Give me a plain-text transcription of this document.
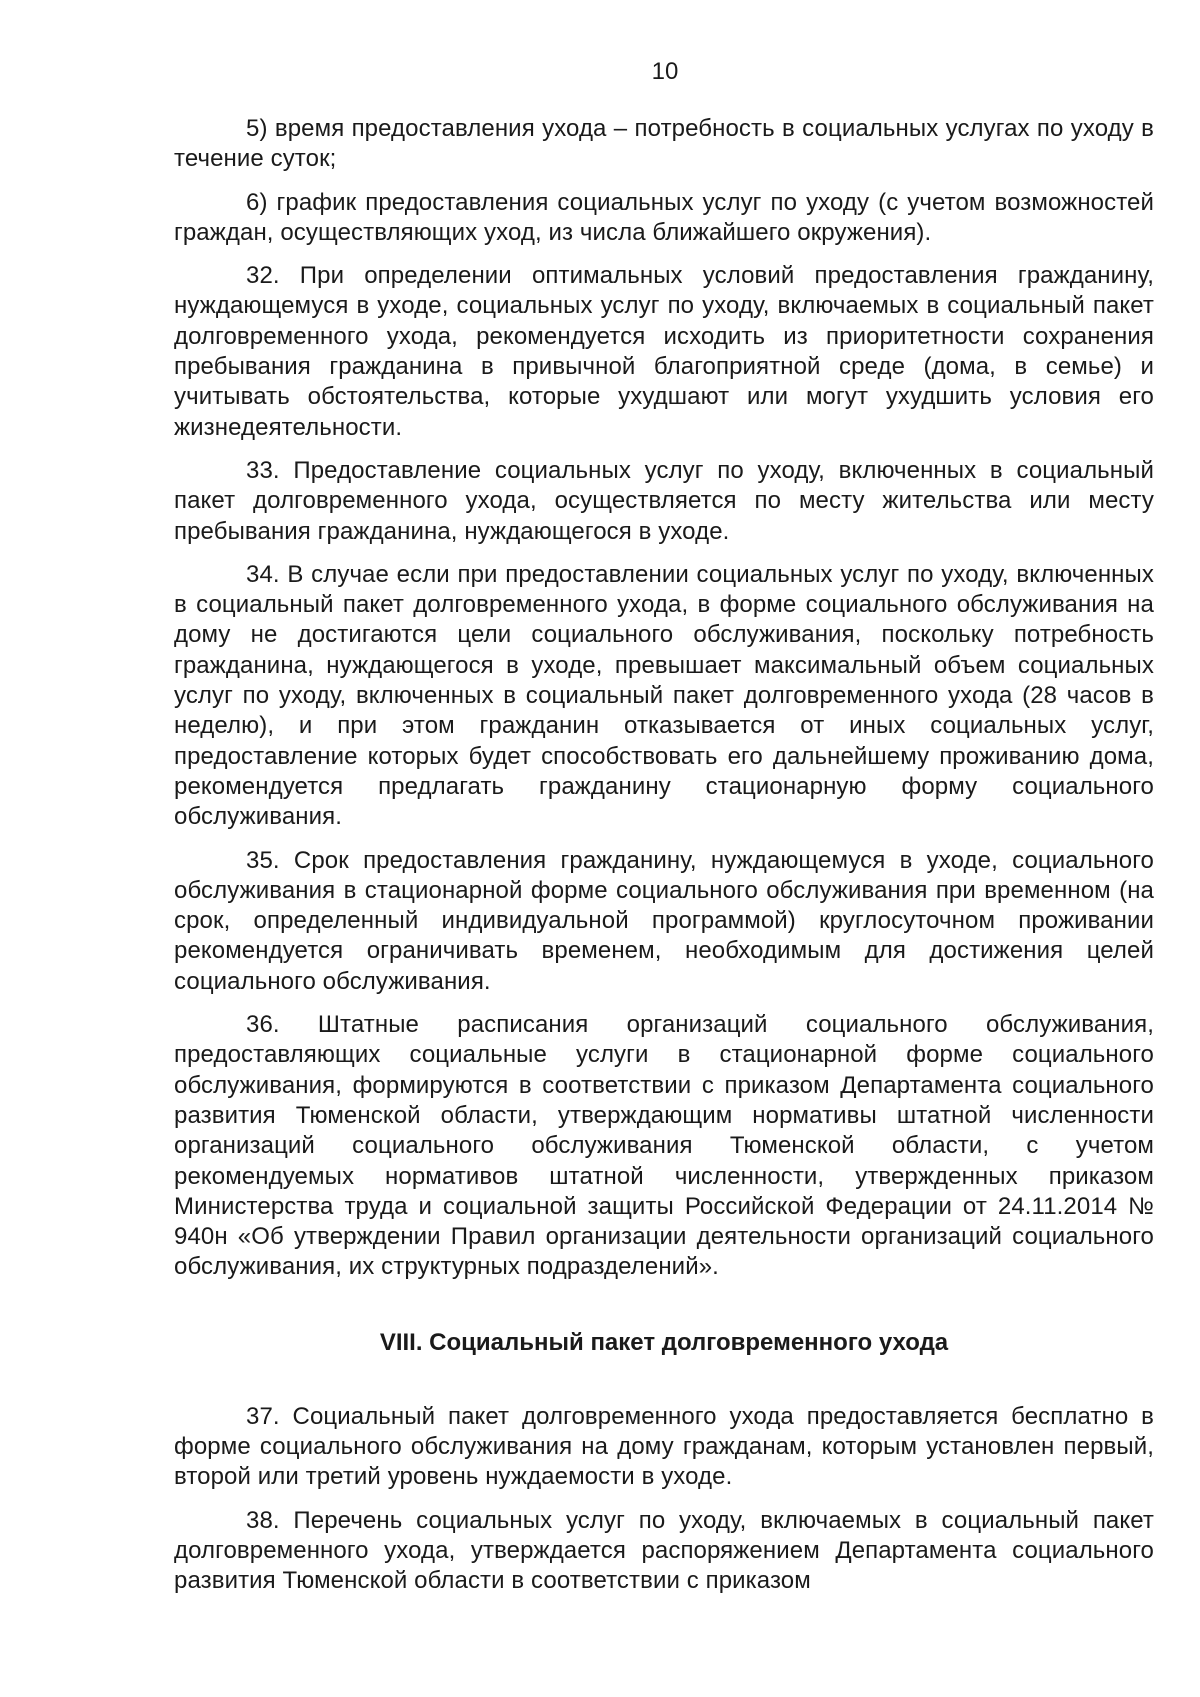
10

5) время предоставления ухода – потребность в социальных услугах по уходу в течение суток;

6) график предоставления социальных услуг по уходу (с учетом возможностей граждан, осуществляющих уход, из числа ближайшего окружения).

32. При определении оптимальных условий предоставления гражданину, нуждающемуся в уходе, социальных услуг по уходу, включаемых в социальный пакет долговременного ухода, рекомендуется исходить из приоритетности сохранения пребывания гражданина в привычной благоприятной среде (дома, в семье) и учитывать обстоятельства, которые ухудшают или могут ухудшить условия его жизнедеятельности.

33. Предоставление социальных услуг по уходу, включенных в социальный пакет долговременного ухода, осуществляется по месту жительства или месту пребывания гражданина, нуждающегося в уходе.

34. В случае если при предоставлении социальных услуг по уходу, включенных в социальный пакет долговременного ухода, в форме социального обслуживания на дому не достигаются цели социального обслуживания, поскольку потребность гражданина, нуждающегося в уходе, превышает максимальный объем социальных услуг по уходу, включенных в социальный пакет долговременного ухода (28 часов в неделю), и при этом гражданин отказывается от иных социальных услуг, предоставление которых будет способствовать его дальнейшему проживанию дома, рекомендуется предлагать гражданину стационарную форму социального обслуживания.

35. Срок предоставления гражданину, нуждающемуся в уходе, социального обслуживания в стационарной форме социального обслуживания при временном (на срок, определенный индивидуальной программой) круглосуточном проживании рекомендуется ограничивать временем, необходимым для достижения целей социального обслуживания.

36. Штатные расписания организаций социального обслуживания, предоставляющих социальные услуги в стационарной форме социального обслуживания, формируются в соответствии с приказом Департамента социального развития Тюменской области, утверждающим нормативы штатной численности организаций социального обслуживания Тюменской области, с учетом рекомендуемых нормативов штатной численности, утвержденных приказом Министерства труда и социальной защиты Российской Федерации от 24.11.2014 № 940н «Об утверждении Правил организации деятельности организаций социального обслуживания, их структурных подразделений».

VIII. Социальный пакет долговременного ухода

37. Социальный пакет долговременного ухода предоставляется бесплатно в форме социального обслуживания на дому гражданам, которым установлен первый, второй или третий уровень нуждаемости в уходе.

38. Перечень социальных услуг по уходу, включаемых в социальный пакет долговременного ухода, утверждается распоряжением Департамента социального развития Тюменской области в соответствии с приказом
